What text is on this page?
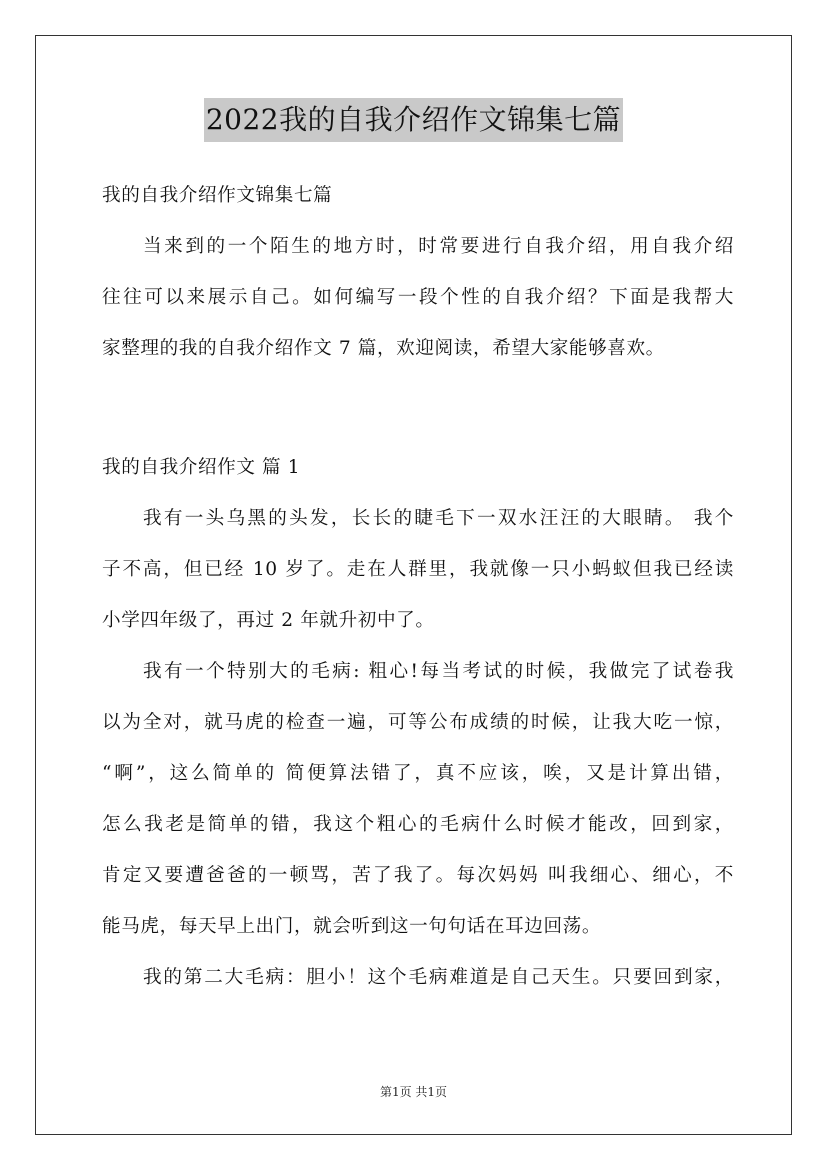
2022我的自我介绍作文锦集七篇
我的自我介绍作文锦集七篇
当来到的一个陌生的地方时，时常要进行自我介绍，用自我介绍
往往可以来展示自己。如何编写一段个性的自我介绍？下面是我帮大
家整理的我的自我介绍作文 7 篇，欢迎阅读，希望大家能够喜欢。
我的自我介绍作文 篇 1
我有一头乌黑的头发，长长的睫毛下一双水汪汪的大眼睛。 我个
子不高，但已经 10 岁了。走在人群里，我就像一只小蚂蚁但我已经读
小学四年级了，再过 2 年就升初中了。
我有一个特别大的毛病: 粗心!每当考试的时候，我做完了试卷我
以为全对，就马虎的检查一遍，可等公布成绩的时候，让我大吃一惊，
“啊”，这么简单的 简便算法错了，真不应该，唉，又是计算出错，
怎么我老是简单的错，我这个粗心的毛病什么时候才能改，回到家，
肯定又要遭爸爸的一顿骂，苦了我了。每次妈妈 叫我细心、细心，不
能马虎，每天早上出门，就会听到这一句句话在耳边回荡。
我的第二大毛病：胆小！这个毛病难道是自己天生。只要回到家，
第1页 共1页
